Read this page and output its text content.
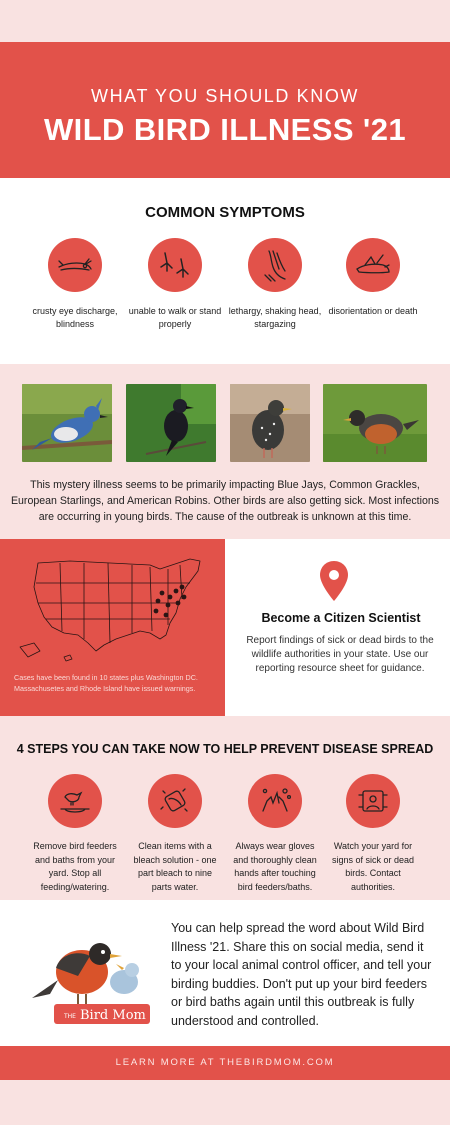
WHAT YOU SHOULD KNOW
WILD BIRD ILLNESS '21
COMMON SYMPTOMS
crusty eye discharge, blindness
unable to walk or stand properly
lethargy, shaking head, stargazing
disorientation or death
This mystery illness seems to be primarily impacting Blue Jays, Common Grackles, European Starlings, and American Robins. Other birds are also getting sick. Most infections are occurring in young birds. The cause of the outbreak is unknown at this time.
Cases have been found in 10 states plus Washington DC. Massachusetes and Rhode Island have issued warnings.
Become a Citizen Scientist
Report findings of sick or dead birds to the wildlife authorities in your state. Use our reporting resource sheet for guidance.
4 STEPS YOU CAN TAKE NOW TO HELP PREVENT DISEASE SPREAD
Remove bird feeders and baths from your yard. Stop all feeding/watering.
Clean items with a bleach solution - one part bleach to nine parts water.
Always wear gloves and thoroughly clean hands after touching bird feeders/baths.
Watch your yard for signs of sick or dead birds. Contact authorities.
THE Bird Mom
You can help spread the word about Wild Bird Illness '21. Share this on social media, send it to your local animal control officer, and tell your birding buddies. Don't put up your bird feeders or bird baths again until this outbreak is fully understood and controlled.
LEARN MORE AT THEBIRDMOM.COM
